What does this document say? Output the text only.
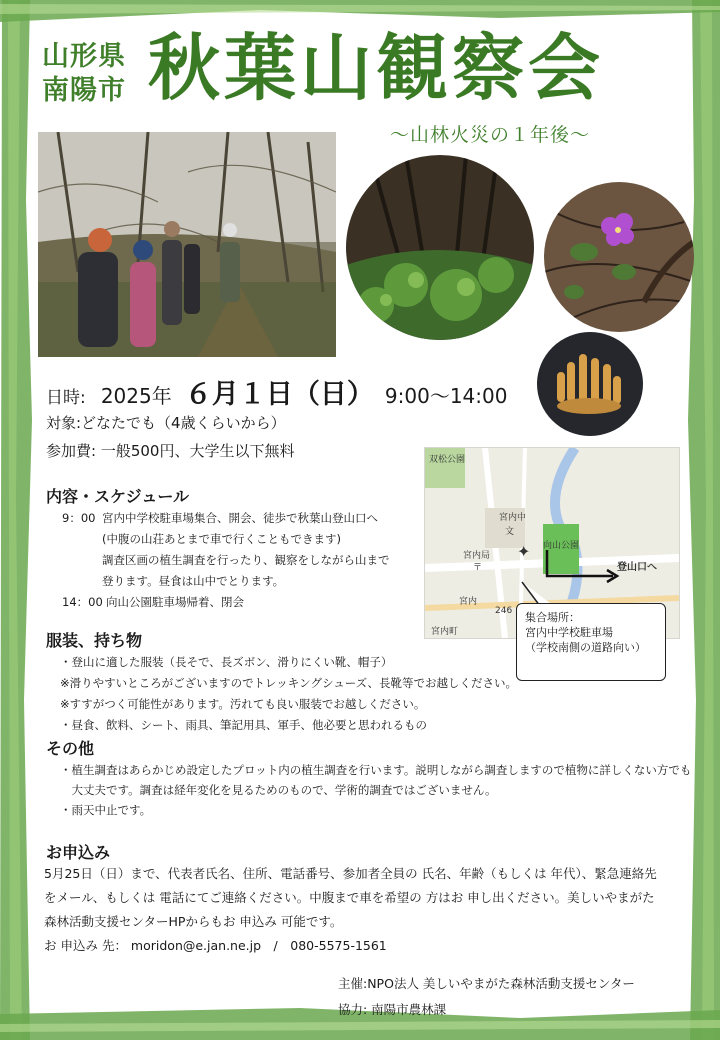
山形県
南陽市 秋葉山観察会
〜山林火災の１年後〜
日時: 2025年 ６月１日（日） 9:00〜14:00
対象:どなたでも（4歳くらいから）
参加費: 一般500円、大学生以下無料
内容・スケジュール
9：00 宮内中学校駐車場集合、開会、徒歩で秋葉山登山口へ
(中腹の山荘あとまで車で行くこともできます)
調査区画の植生調査を行ったり、観察をしながら山まで
登ります。昼食は山中でとります。
14：00 向山公園駐車場帰着、閉会
双松公園
宮内中
文
宮内局
〒
向山公園
宮内
246
宮内町
✦
登山口へ
集合場所：
宮内中学校駐車場
（学校南側の道路向い）
服装、持ち物
・登山に適した服装（長そで、長ズボン、滑りにくい靴、帽子）
※滑りやすいところがございますのでトレッキングシューズ、長靴等でお越しください。
※すすがつく可能性があります。汚れても良い服装でお越しください。
・昼食、飲料、シート、雨具、筆記用具、軍手、他必要と思われるもの
その他
・植生調査はあらかじめ設定したプロット内の植生調査を行います。説明しながら調査しますので植物に詳しくない方でも
　大丈夫です。調査は経年変化を見るためのもので、学術的調査ではございません。
・雨天中止です。
お申込み
5月25日（日）まで、代表者氏名、住所、電話番号、参加者全員の 氏名、年齢（もしくは 年代）、緊急連絡先
をメール、もしくは 電話にてご連絡ください。中腹まで車を希望の 方はお 申し出ください。美しいやまがた
森林活動支援センターHPからもお 申込み 可能です。
お 申込み 先： moridon@e.jan.ne.jp　/　080-5575-1561
主催:NPO法人 美しいやまがた森林活動支援センター
協力: 南陽市農林課
